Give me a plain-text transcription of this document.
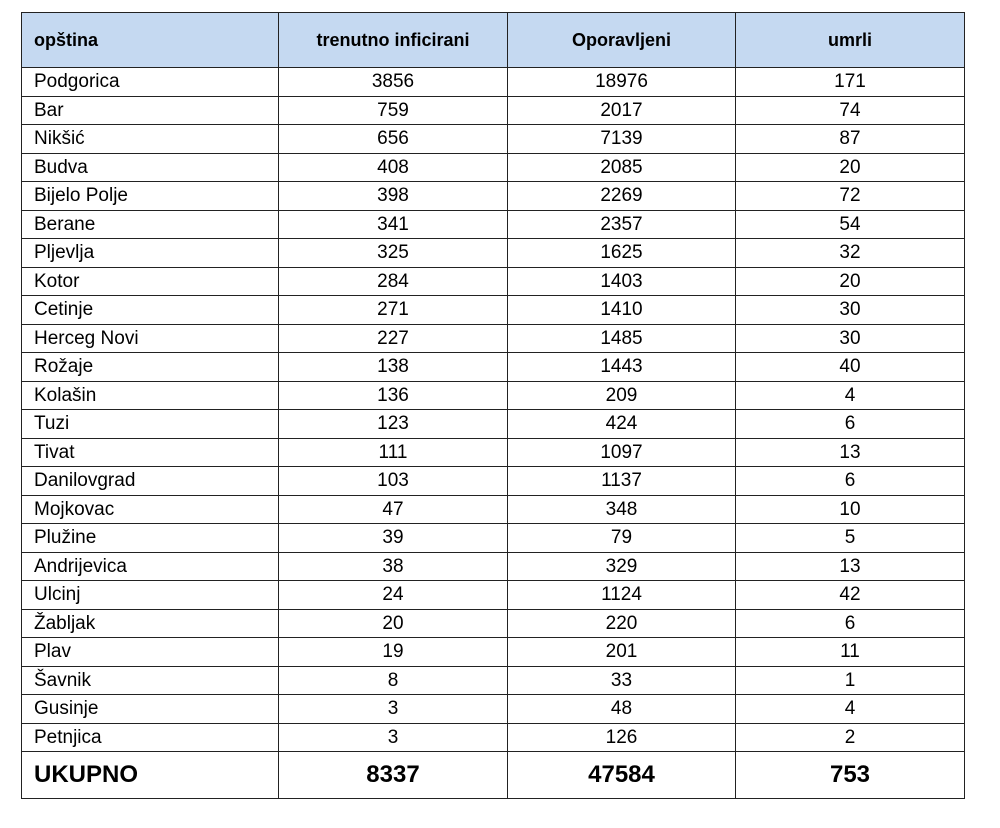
opština	trenutno inficirani	Oporavljeni	umrli
Podgorica	3856	18976	171
Bar	759	2017	74
Nikšić	656	7139	87
Budva	408	2085	20
Bijelo Polje	398	2269	72
Berane	341	2357	54
Pljevlja	325	1625	32
Kotor	284	1403	20
Cetinje	271	1410	30
Herceg Novi	227	1485	30
Rožaje	138	1443	40
Kolašin	136	209	4
Tuzi	123	424	6
Tivat	111	1097	13
Danilovgrad	103	1137	6
Mojkovac	47	348	10
Plužine	39	79	5
Andrijevica	38	329	13
Ulcinj	24	1124	42
Žabljak	20	220	6
Plav	19	201	11
Šavnik	8	33	1
Gusinje	3	48	4
Petnjica	3	126	2
UKUPNO	8337	47584	753
